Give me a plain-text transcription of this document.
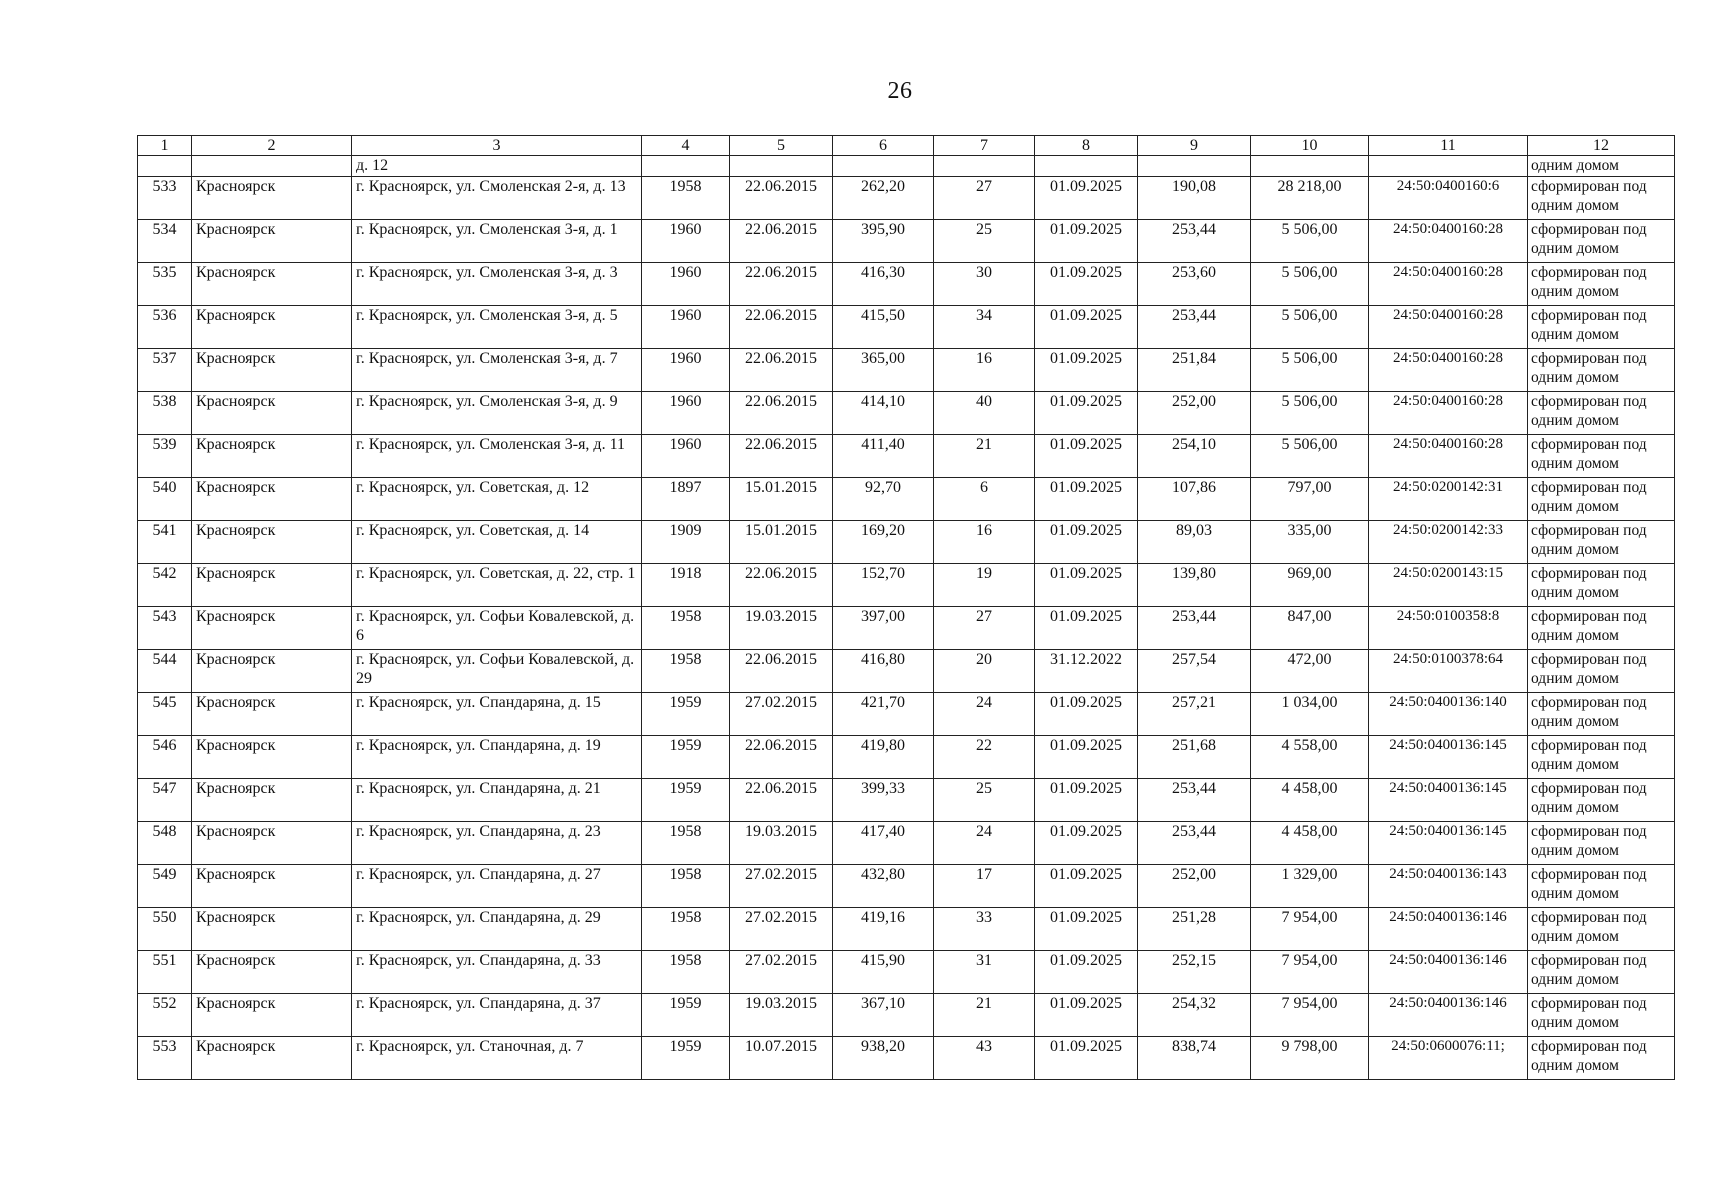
26
1	2	3	4	5	6	7	8	9	10	11	12
		д. 12									одним домом
533	Красноярск	г. Красноярск, ул. Смоленская 2-я, д. 13	1958	22.06.2015	262,20	27	01.09.2025	190,08	28 218,00	24:50:0400160:6	сформирован под одним домом
534	Красноярск	г. Красноярск, ул. Смоленская 3-я, д. 1	1960	22.06.2015	395,90	25	01.09.2025	253,44	5 506,00	24:50:0400160:28	сформирован под одним домом
535	Красноярск	г. Красноярск, ул. Смоленская 3-я, д. 3	1960	22.06.2015	416,30	30	01.09.2025	253,60	5 506,00	24:50:0400160:28	сформирован под одним домом
536	Красноярск	г. Красноярск, ул. Смоленская 3-я, д. 5	1960	22.06.2015	415,50	34	01.09.2025	253,44	5 506,00	24:50:0400160:28	сформирован под одним домом
537	Красноярск	г. Красноярск, ул. Смоленская 3-я, д. 7	1960	22.06.2015	365,00	16	01.09.2025	251,84	5 506,00	24:50:0400160:28	сформирован под одним домом
538	Красноярск	г. Красноярск, ул. Смоленская 3-я, д. 9	1960	22.06.2015	414,10	40	01.09.2025	252,00	5 506,00	24:50:0400160:28	сформирован под одним домом
539	Красноярск	г. Красноярск, ул. Смоленская 3-я, д. 11	1960	22.06.2015	411,40	21	01.09.2025	254,10	5 506,00	24:50:0400160:28	сформирован под одним домом
540	Красноярск	г. Красноярск, ул. Советская, д. 12	1897	15.01.2015	92,70	6	01.09.2025	107,86	797,00	24:50:0200142:31	сформирован под одним домом
541	Красноярск	г. Красноярск, ул. Советская, д. 14	1909	15.01.2015	169,20	16	01.09.2025	89,03	335,00	24:50:0200142:33	сформирован под одним домом
542	Красноярск	г. Красноярск, ул. Советская, д. 22, стр. 1	1918	22.06.2015	152,70	19	01.09.2025	139,80	969,00	24:50:0200143:15	сформирован под одним домом
543	Красноярск	г. Красноярск, ул. Софьи Ковалевской, д. 6	1958	19.03.2015	397,00	27	01.09.2025	253,44	847,00	24:50:0100358:8	сформирован под одним домом
544	Красноярск	г. Красноярск, ул. Софьи Ковалевской, д. 29	1958	22.06.2015	416,80	20	31.12.2022	257,54	472,00	24:50:0100378:64	сформирован под одним домом
545	Красноярск	г. Красноярск, ул. Спандаряна, д. 15	1959	27.02.2015	421,70	24	01.09.2025	257,21	1 034,00	24:50:0400136:140	сформирован под одним домом
546	Красноярск	г. Красноярск, ул. Спандаряна, д. 19	1959	22.06.2015	419,80	22	01.09.2025	251,68	4 558,00	24:50:0400136:145	сформирован под одним домом
547	Красноярск	г. Красноярск, ул. Спандаряна, д. 21	1959	22.06.2015	399,33	25	01.09.2025	253,44	4 458,00	24:50:0400136:145	сформирован под одним домом
548	Красноярск	г. Красноярск, ул. Спандаряна, д. 23	1958	19.03.2015	417,40	24	01.09.2025	253,44	4 458,00	24:50:0400136:145	сформирован под одним домом
549	Красноярск	г. Красноярск, ул. Спандаряна, д. 27	1958	27.02.2015	432,80	17	01.09.2025	252,00	1 329,00	24:50:0400136:143	сформирован под одним домом
550	Красноярск	г. Красноярск, ул. Спандаряна, д. 29	1958	27.02.2015	419,16	33	01.09.2025	251,28	7 954,00	24:50:0400136:146	сформирован под одним домом
551	Красноярск	г. Красноярск, ул. Спандаряна, д. 33	1958	27.02.2015	415,90	31	01.09.2025	252,15	7 954,00	24:50:0400136:146	сформирован под одним домом
552	Красноярск	г. Красноярск, ул. Спандаряна, д. 37	1959	19.03.2015	367,10	21	01.09.2025	254,32	7 954,00	24:50:0400136:146	сформирован под одним домом
553	Красноярск	г. Красноярск, ул. Станочная, д. 7	1959	10.07.2015	938,20	43	01.09.2025	838,74	9 798,00	24:50:0600076:11;	сформирован под одним домом
